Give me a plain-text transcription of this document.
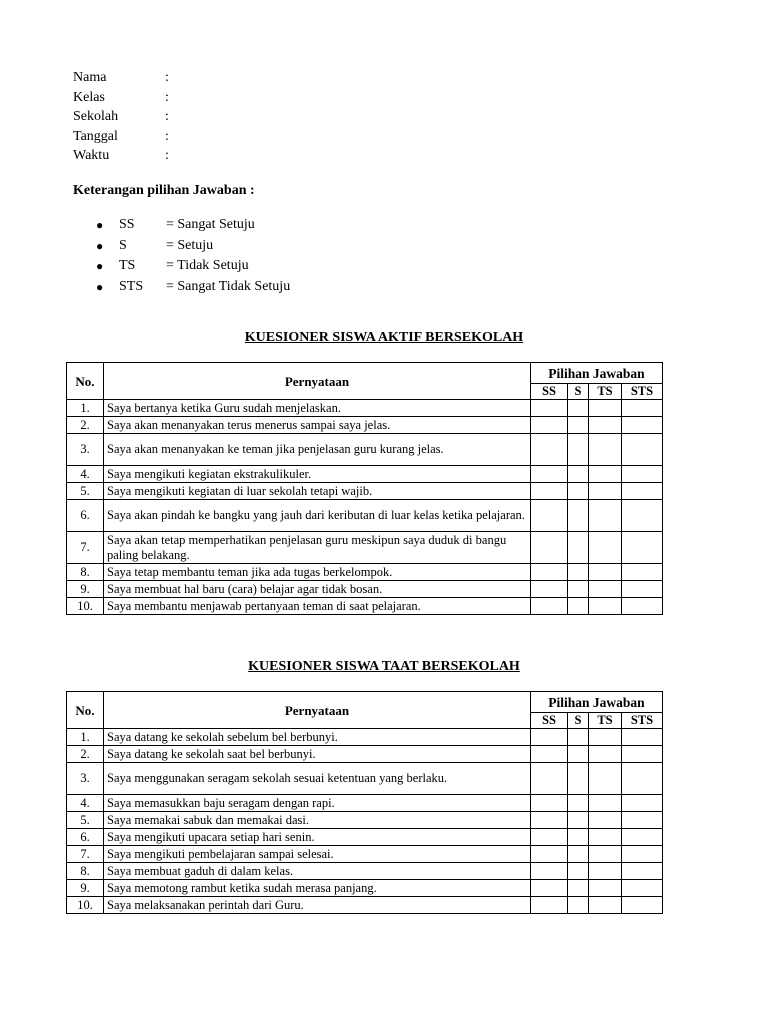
Nama	:
Kelas	:
Sekolah	:
Tanggal	:
Waktu	:
Keterangan pilihan Jawaban :
● SS = Sangat Setuju
● S	= Setuju
● TS = Tidak Setuju
● STS = Sangat Tidak Setuju
KUESIONER SISWA AKTIF BERSEKOLAH
No.	Pernyataan	Pilihan Jawaban			
		SS	S	TS	STS
1.	Saya bertanya ketika Guru sudah menjelaskan.				
2.	Saya akan menanyakan terus menerus sampai saya jelas.				
3.	Saya akan menanyakan ke teman jika penjelasan guru kurang jelas.				
4.	Saya mengikuti kegiatan ekstrakulikuler.				
5.	Saya mengikuti kegiatan di luar sekolah tetapi wajib.				
6.	Saya akan pindah ke bangku yang jauh dari keributan di luar kelas ketika pelajaran.				
7.	Saya akan tetap memperhatikan penjelasan guru meskipun saya duduk di bangu paling belakang.				
8.	Saya tetap membantu teman jika ada tugas berkelompok.				
9.	Saya membuat hal baru (cara) belajar agar tidak bosan.				
10.	Saya membantu menjawab pertanyaan teman di saat pelajaran.				
KUESIONER SISWA TAAT BERSEKOLAH
No.	Pernyataan	Pilihan Jawaban			
		SS	S	TS	STS
1.	Saya datang ke sekolah sebelum bel berbunyi.				
2.	Saya datang ke sekolah saat bel berbunyi.				
3.	Saya menggunakan seragam sekolah sesuai ketentuan yang berlaku.				
4.	Saya memasukkan baju seragam dengan rapi.				
5.	Saya memakai sabuk dan memakai dasi.				
6.	Saya mengikuti upacara setiap hari senin.				
7.	Saya mengikuti pembelajaran sampai selesai.				
8.	Saya membuat gaduh di dalam kelas.				
9.	Saya memotong rambut ketika sudah merasa panjang.				
10.	Saya melaksanakan perintah dari Guru.				
